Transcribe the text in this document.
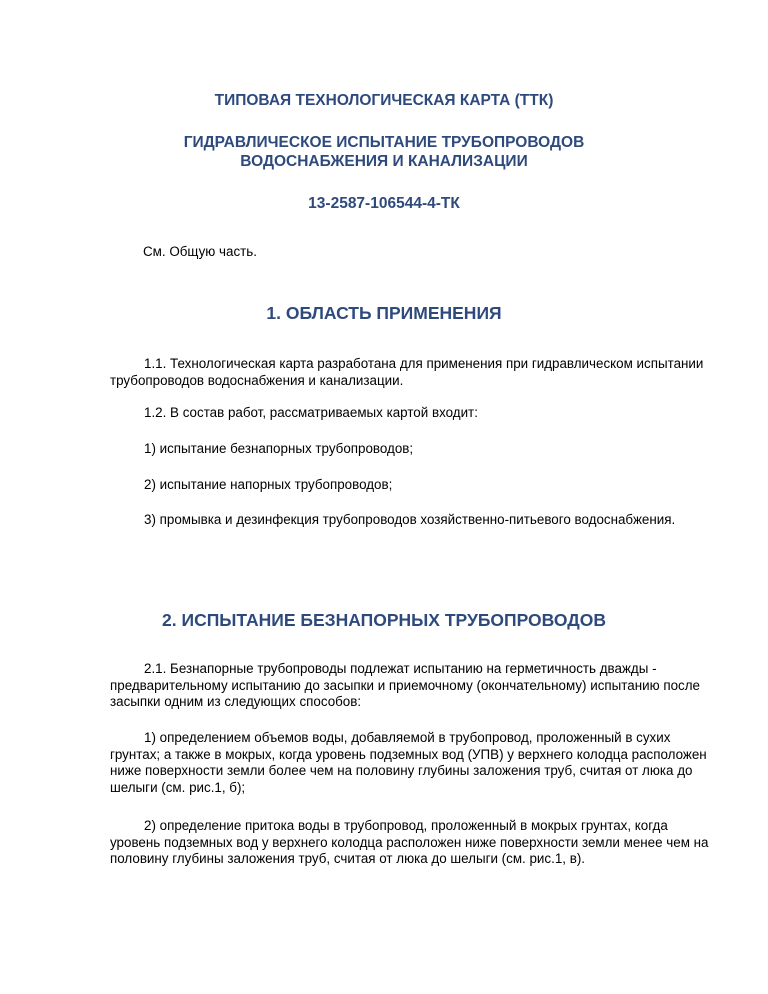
ТИПОВАЯ ТЕХНОЛОГИЧЕСКАЯ КАРТА (ТТК)
ГИДРАВЛИЧЕСКОЕ ИСПЫТАНИЕ ТРУБОПРОВОДОВ
ВОДОСНАБЖЕНИЯ И КАНАЛИЗАЦИИ
13-2587-106544-4-ТК
См. Общую часть.
1. ОБЛАСТЬ ПРИМЕНЕНИЯ
1.1. Технологическая карта разработана для применения при гидравлическом испытании трубопроводов водоснабжения и канализации.
1.2. В состав работ, рассматриваемых картой входит:
1) испытание безнапорных трубопроводов;
2) испытание напорных трубопроводов;
3) промывка и дезинфекция трубопроводов хозяйственно-питьевого водоснабжения.
2. ИСПЫТАНИЕ БЕЗНАПОРНЫХ ТРУБОПРОВОДОВ
2.1. Безнапорные трубопроводы подлежат испытанию на герметичность дважды - предварительному испытанию до засыпки и приемочному (окончательному) испытанию после засыпки одним из следующих способов:
1) определением объемов воды, добавляемой в трубопровод, проложенный в сухих грунтах; а также в мокрых, когда уровень подземных вод (УПВ) у верхнего колодца расположен ниже поверхности земли более чем на половину глубины заложения труб, считая от люка до шелыги (см. рис.1, б);
2) определение притока воды в трубопровод, проложенный в мокрых грунтах, когда уровень подземных вод у верхнего колодца расположен ниже поверхности земли менее чем на половину глубины заложения труб, считая от люка до шелыги (см. рис.1, в).
